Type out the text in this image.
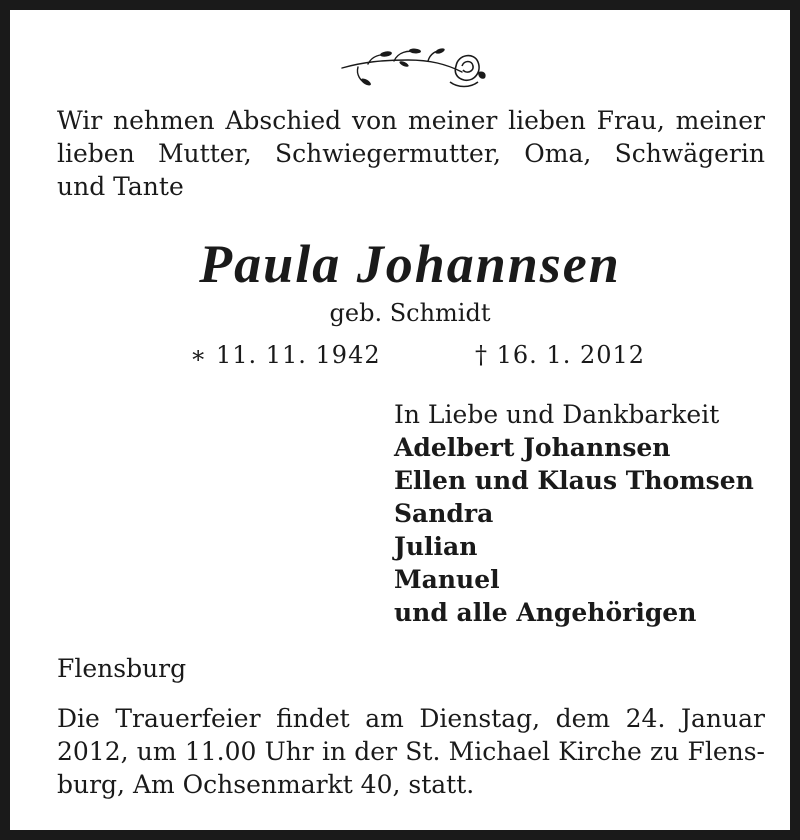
Wir nehmen Abschied von meiner lieben Frau, meiner
lieben Mutter, Schwiegermutter, Oma, Schwägerin
und Tante
Paula Johannsen
geb. Schmidt
∗ 11. 11. 1942	† 16. 1. 2012
In Liebe und Dankbarkeit
Adelbert Johannsen
Ellen und Klaus Thomsen
Sandra
Julian
Manuel
und alle Angehörigen
Flensburg
Die Trauerfeier findet am Dienstag, dem 24. Januar
2012, um 11.00 Uhr in der St. Michael Kirche zu Flens-
burg, Am Ochsenmarkt 40, statt.
